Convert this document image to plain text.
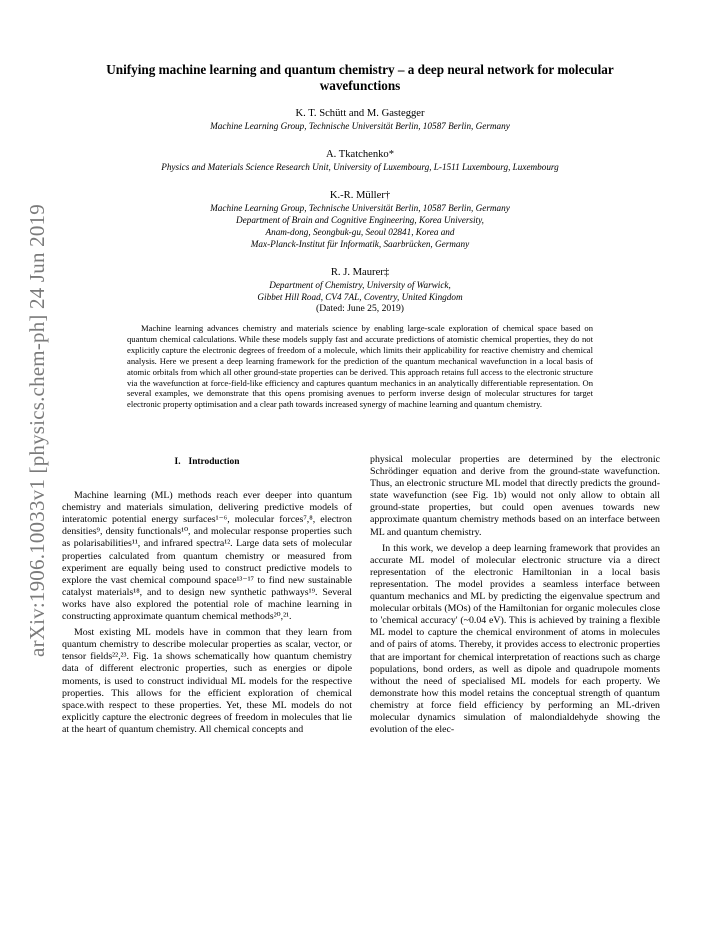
arXiv:1906.10033v1 [physics.chem-ph] 24 Jun 2019
Unifying machine learning and quantum chemistry – a deep neural network for molecular wavefunctions
K. T. Schütt and M. Gastegger
Machine Learning Group, Technische Universität Berlin, 10587 Berlin, Germany
A. Tkatchenko*
Physics and Materials Science Research Unit, University of Luxembourg, L-1511 Luxembourg, Luxembourg
K.-R. Müller†
Machine Learning Group, Technische Universität Berlin, 10587 Berlin, Germany
Department of Brain and Cognitive Engineering, Korea University,
Anam-dong, Seongbuk-gu, Seoul 02841, Korea and
Max-Planck-Institut für Informatik, Saarbrücken, Germany
R. J. Maurer‡
Department of Chemistry, University of Warwick,
Gibbet Hill Road, CV4 7AL, Coventry, United Kingdom
(Dated: June 25, 2019)
Machine learning advances chemistry and materials science by enabling large-scale exploration of chemical space based on quantum chemical calculations. While these models supply fast and accurate predictions of atomistic chemical properties, they do not explicitly capture the electronic degrees of freedom of a molecule, which limits their applicability for reactive chemistry and chemical analysis. Here we present a deep learning framework for the prediction of the quantum mechanical wavefunction in a local basis of atomic orbitals from which all other ground-state properties can be derived. This approach retains full access to the electronic structure via the wavefunction at force-field-like efficiency and captures quantum mechanics in an analytically differentiable representation. On several examples, we demonstrate that this opens promising avenues to perform inverse design of molecular structures for target electronic property optimisation and a clear path towards increased synergy of machine learning and quantum chemistry.
I. Introduction

Machine learning (ML) methods reach ever deeper into quantum chemistry and materials simulation, delivering predictive models of interatomic potential energy surfaces¹⁻⁶, molecular forces⁷,⁸, electron densities⁹, density functionals¹⁰, and molecular response properties such as polarisabilities¹¹, and infrared spectra¹². Large data sets of molecular properties calculated from quantum chemistry or measured from experiment are equally being used to construct predictive models to explore the vast chemical compound space¹³⁻¹⁷ to find new sustainable catalyst materials¹⁸, and to design new synthetic pathways¹⁹. Several works have also explored the potential role of machine learning in constructing approximate quantum chemical methods²⁰,²¹.

Most existing ML models have in common that they learn from quantum chemistry to describe molecular properties as scalar, vector, or tensor fields²²,²³. Fig. 1a shows schematically how quantum chemistry data of different electronic properties, such as energies or dipole moments, is used to construct individual ML models for the respective properties. This allows for the efficient exploration of chemical space.with respect to these properties. Yet, these ML models do not explicitly capture the electronic degrees of freedom in molecules that lie at the heart of quantum chemistry. All chemical concepts and

physical molecular properties are determined by the electronic Schrödinger equation and derive from the ground-state wavefunction. Thus, an electronic structure ML model that directly predicts the ground-state wavefunction (see Fig. 1b) would not only allow to obtain all ground-state properties, but could open avenues towards new approximate quantum chemistry methods based on an interface between ML and quantum chemistry.

In this work, we develop a deep learning framework that provides an accurate ML model of molecular electronic structure via a direct representation of the electronic Hamiltonian in a local basis representation. The model provides a seamless interface between quantum mechanics and ML by predicting the eigenvalue spectrum and molecular orbitals (MOs) of the Hamiltonian for organic molecules close to 'chemical accuracy' (~0.04 eV). This is achieved by training a flexible ML model to capture the chemical environment of atoms in molecules and of pairs of atoms. Thereby, it provides access to electronic properties that are important for chemical interpretation of reactions such as charge populations, bond orders, as well as dipole and quadrupole moments without the need of specialised ML models for each property. We demonstrate how this model retains the conceptual strength of quantum chemistry at force field efficiency by performing an ML-driven molecular dynamics simulation of malondialdehyde showing the evolution of the elec-
